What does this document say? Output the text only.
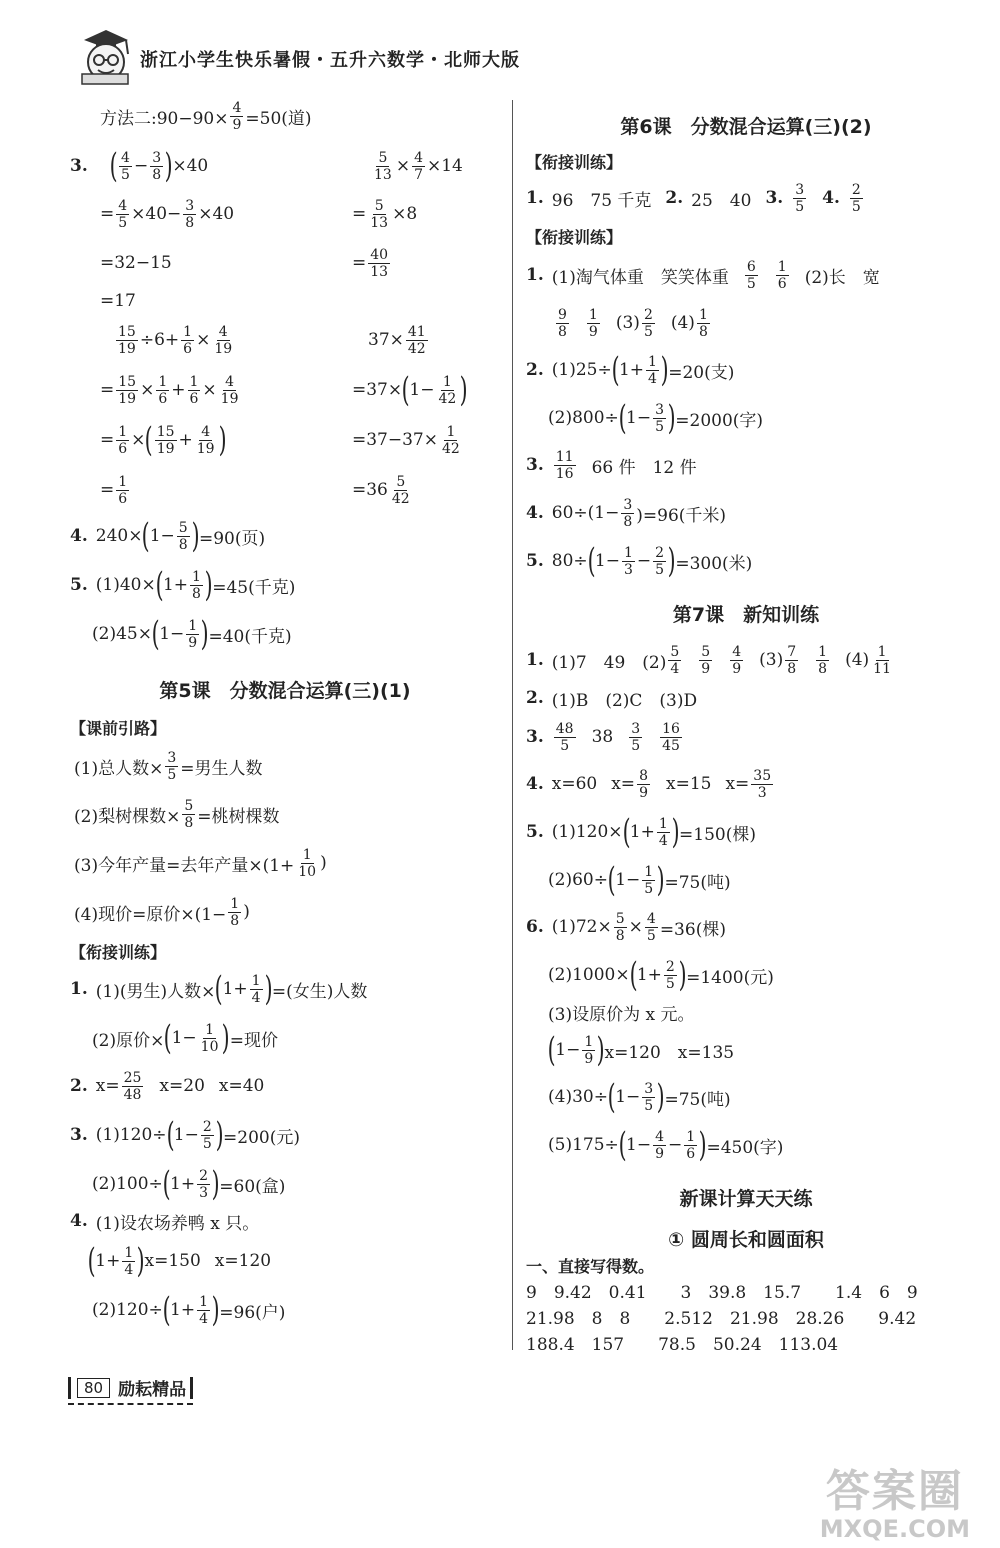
浙江小学生快乐暑假・五升六数学・北师大版
方法二:90−90× $\frac{4}{9} =50$(道)
3. ( $\frac{4}{5} - \frac{3}{8}$ ) ×40	$\frac{5}{13} \times \frac{4}{7} \times 14$
= $\frac{4}{5} \times 40- \frac{3}{8} \times 40$	= $\frac{5}{13} \times 8$
=32−15	= $\frac{40}{13}$
=17
$\frac{15}{19} \div 6+ \frac{1}{6} \times \frac{4}{19}$	$37\times \frac{41}{42}$
= $\frac{15}{19} \times \frac{1}{6} + \frac{1}{6} \times \frac{4}{19}$	=37× ( $1- \frac{1}{42}$ )
= $\frac{1}{6}$ × ( $\frac{15}{19} + \frac{4}{19}$ )	$=37-37\times \frac{1}{42}$
= $\frac{1}{6}$	$=36 \frac{5}{42}$
4. 240× ( $1- \frac{5}{8}$ ) =90(页)
5. (1)40× ( $1+ \frac{1}{8}$ ) =45(千克)
(2)45× ( $1- \frac{1}{9}$ ) =40(千克)
第5课　分数混合运算(三)(1)
【课前引路】
(1)总人数× $\frac{3}{5}$ =男生人数
(2)梨树棵数× $\frac{5}{8}$ =桃树棵数
(3)今年产量=去年产量$\times(1+ \frac{1}{10}$ )
(4)现价=原价$\times(1- \frac{1}{8}$ )
【衔接训练】
1. (1)(男生)人数× ( $1+ \frac{1}{4}$ ) =(女生)人数
(2)原价× ( $1- \frac{1}{10}$ ) =现价
2. $x= \frac{25}{48} x=20$ x=40
3. (1)120÷ ( $1- \frac{2}{5}$ ) =200(元)
(2)100÷ ( $1+ \frac{2}{3}$ ) =60(盒)
4. (1)设农场养鸭 x 只。
( $1+ \frac{1}{4}$ ) x=150 x=120
(2)120÷ ( $1+ \frac{1}{4}$ ) =96(户)
第6课　分数混合运算(三)(2)
【衔接训练】
1. 96　75 千克 2. 25　40 3. $\frac{3}{5} 4$. $\frac{2}{5}$
【衔接训练】
1. (1)淘气体重　笑笑体重 $\frac{6}{5} \frac{1}{6} (2)$长　宽
$\frac{9}{8} \frac{1}{9} (3) \frac{2}{5} (4) \frac{1}{8}$
2. (1)25÷ ( $1+ \frac{1}{4}$ ) =20(支)
(2)800÷ ( $1- \frac{3}{5}$ ) =2000(字)
3. $\frac{11}{16} 66$ 件　12 件
4. $60\div(1- \frac{3}{8} )=96$(千米)
5. 80÷ ( $1- \frac{1}{3} - \frac{2}{5}$ ) =300(米)
第7课　新知训练
1. (1)7　49　$(2) \frac{5}{4} \frac{5}{9} \frac{4}{9} (3) \frac{7}{8} \frac{1}{8} (4) \frac{1}{11}$
2. (1)B　(2)C　(3)D
3. $\frac{48}{5} 38 \frac{3}{5} \frac{16}{45}$
4. x=60 $x= \frac{8}{9} x=15$ $x= \frac{35}{3}$
5. (1)120× ( $1+ \frac{1}{4}$ ) =150(棵)
(2)60÷ ( $1- \frac{1}{5}$ ) =75(吨)
6. $(1)72\times \frac{5}{8} \times \frac{4}{5} =36$(棵)
(2)1000× ( $1+ \frac{2}{5}$ ) =1400(元)
(3)设原价为 x 元。
( $1- \frac{1}{9}$ ) x=120　x=135
(4)30÷ ( $1- \frac{3}{5}$ ) =75(吨)
(5)175÷ ( $1- \frac{4}{9} - \frac{1}{6}$ ) =450(字)
新课计算天天练
① 圆周长和圆面积
一、直接写得数。
9　9.42　0.41　　3　39.8　15.7　　1.4　6　9
21.98　8　8　　2.512　21.98　28.26　　9.42
188.4　157　　78.5　50.24　113.04
80 励耘精品
答案圈
MXQE.COM
